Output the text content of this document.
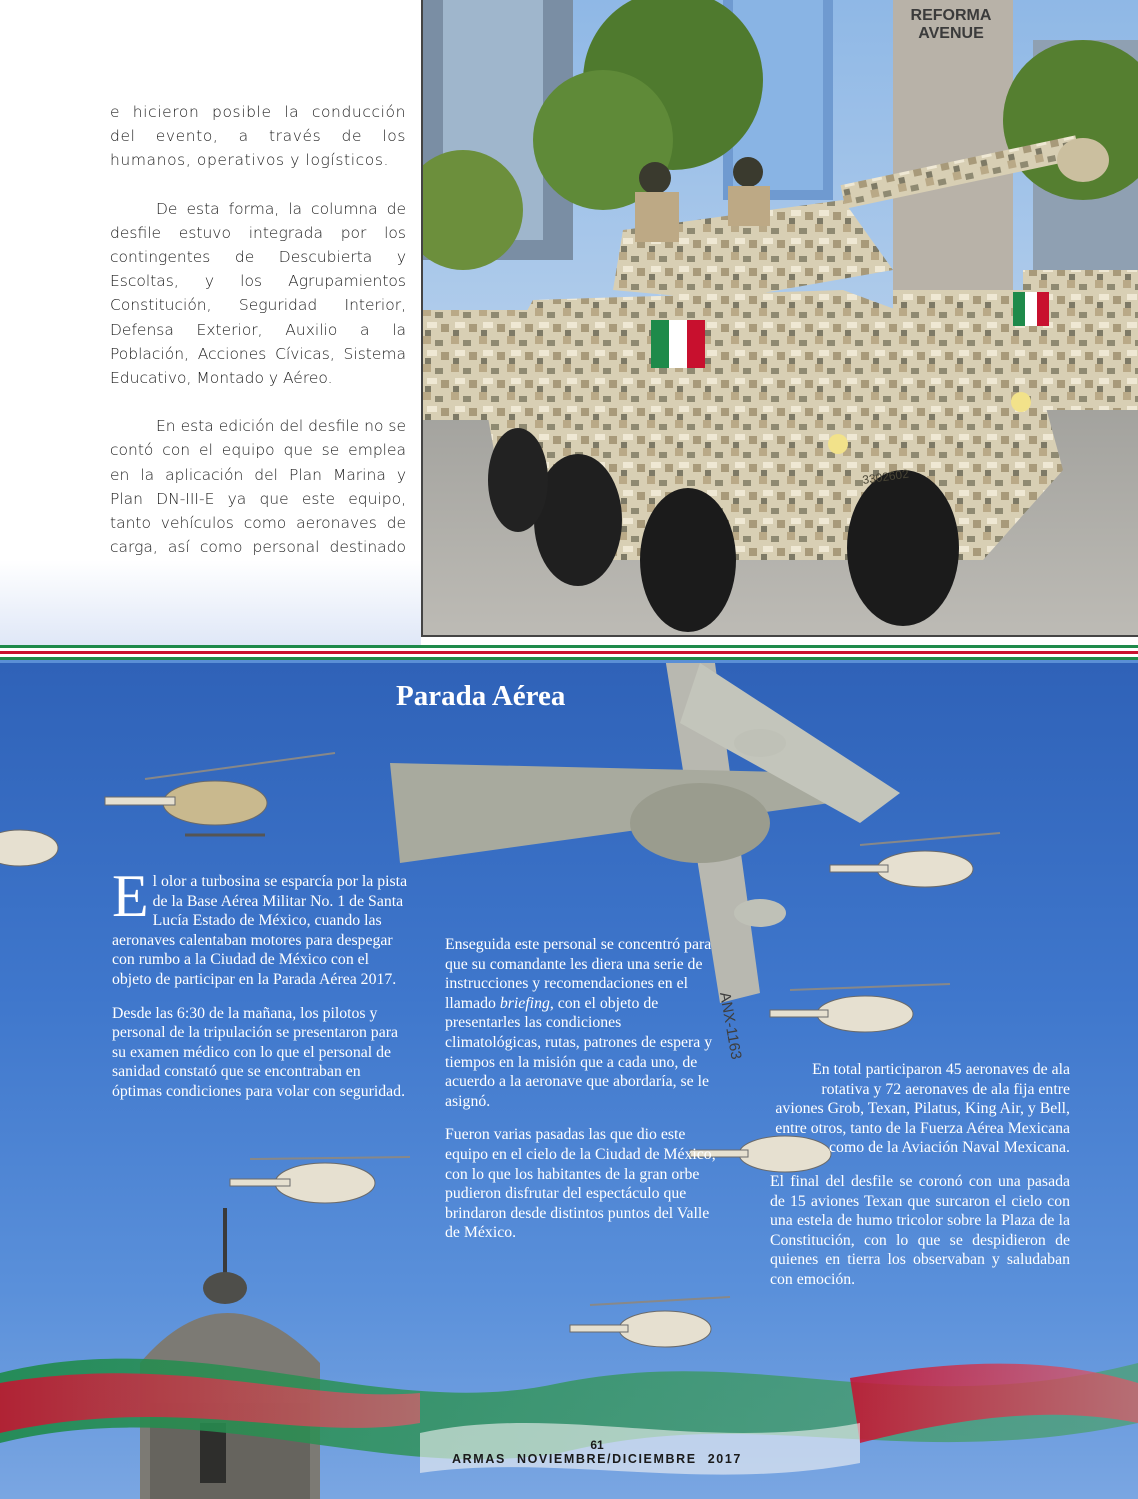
e hicieron posible la conducción del evento, a través de los humanos, operativos y logísticos.

De esta forma, la columna de desfile estuvo integrada por los contingentes de Descubierta y Escoltas, y los Agrupamientos Constitución, Seguridad Interior, Defensa Exterior, Auxilio a la Población, Acciones Cívicas, Sistema Educativo, Montado y Aéreo.

En esta edición del desfile no se contó con el equipo que se emplea en la aplicación del Plan Marina y Plan DN-III-E ya que este equipo, tanto vehículos como aeronaves de carga, así como personal destinado

REFORMA
AVENUE
3302602
ANX-1163
Parada Aérea

El olor a turbosina se esparcía por la pista de la Base Aérea Militar No. 1 de Santa Lucía Estado de México, cuando las aeronaves calentaban motores para despegar con rumbo a la Ciudad de México con el objeto de participar en la Parada Aérea 2017.

Desde las 6:30 de la mañana, los pilotos y personal de la tripulación se presentaron para su examen médico con lo que el personal de sanidad constató que se encontraban en óptimas condiciones para volar con seguridad.

Enseguida este personal se concentró para que su comandante les diera una serie de instrucciones y recomendaciones en el llamado briefing, con el objeto de presentarles las condiciones climatológicas, rutas, patrones de espera y tiempos en la misión que a cada uno, de acuerdo a la aeronave que abordaría, se le asignó.

Fueron varias pasadas las que dio este equipo en el cielo de la Ciudad de México, con lo que los habitantes de la gran orbe pudieron disfrutar del espectáculo que brindaron desde distintos puntos del Valle de México.

En total participaron 45 aeronaves de ala rotativa y 72 aeronaves de ala fija entre aviones Grob, Texan, Pilatus, King Air, y Bell, entre otros, tanto de la Fuerza Aérea Mexicana como de la Aviación Naval Mexicana.

El final del desfile se coronó con una pasada de 15 aviones Texan que surcaron el cielo con una estela de humo tricolor sobre la Plaza de la Constitución, con lo que se despidieron de quienes en tierra los observaban y saludaban con emoción.

61
ARMAS NOVIEMBRE/DICIEMBRE 2017
